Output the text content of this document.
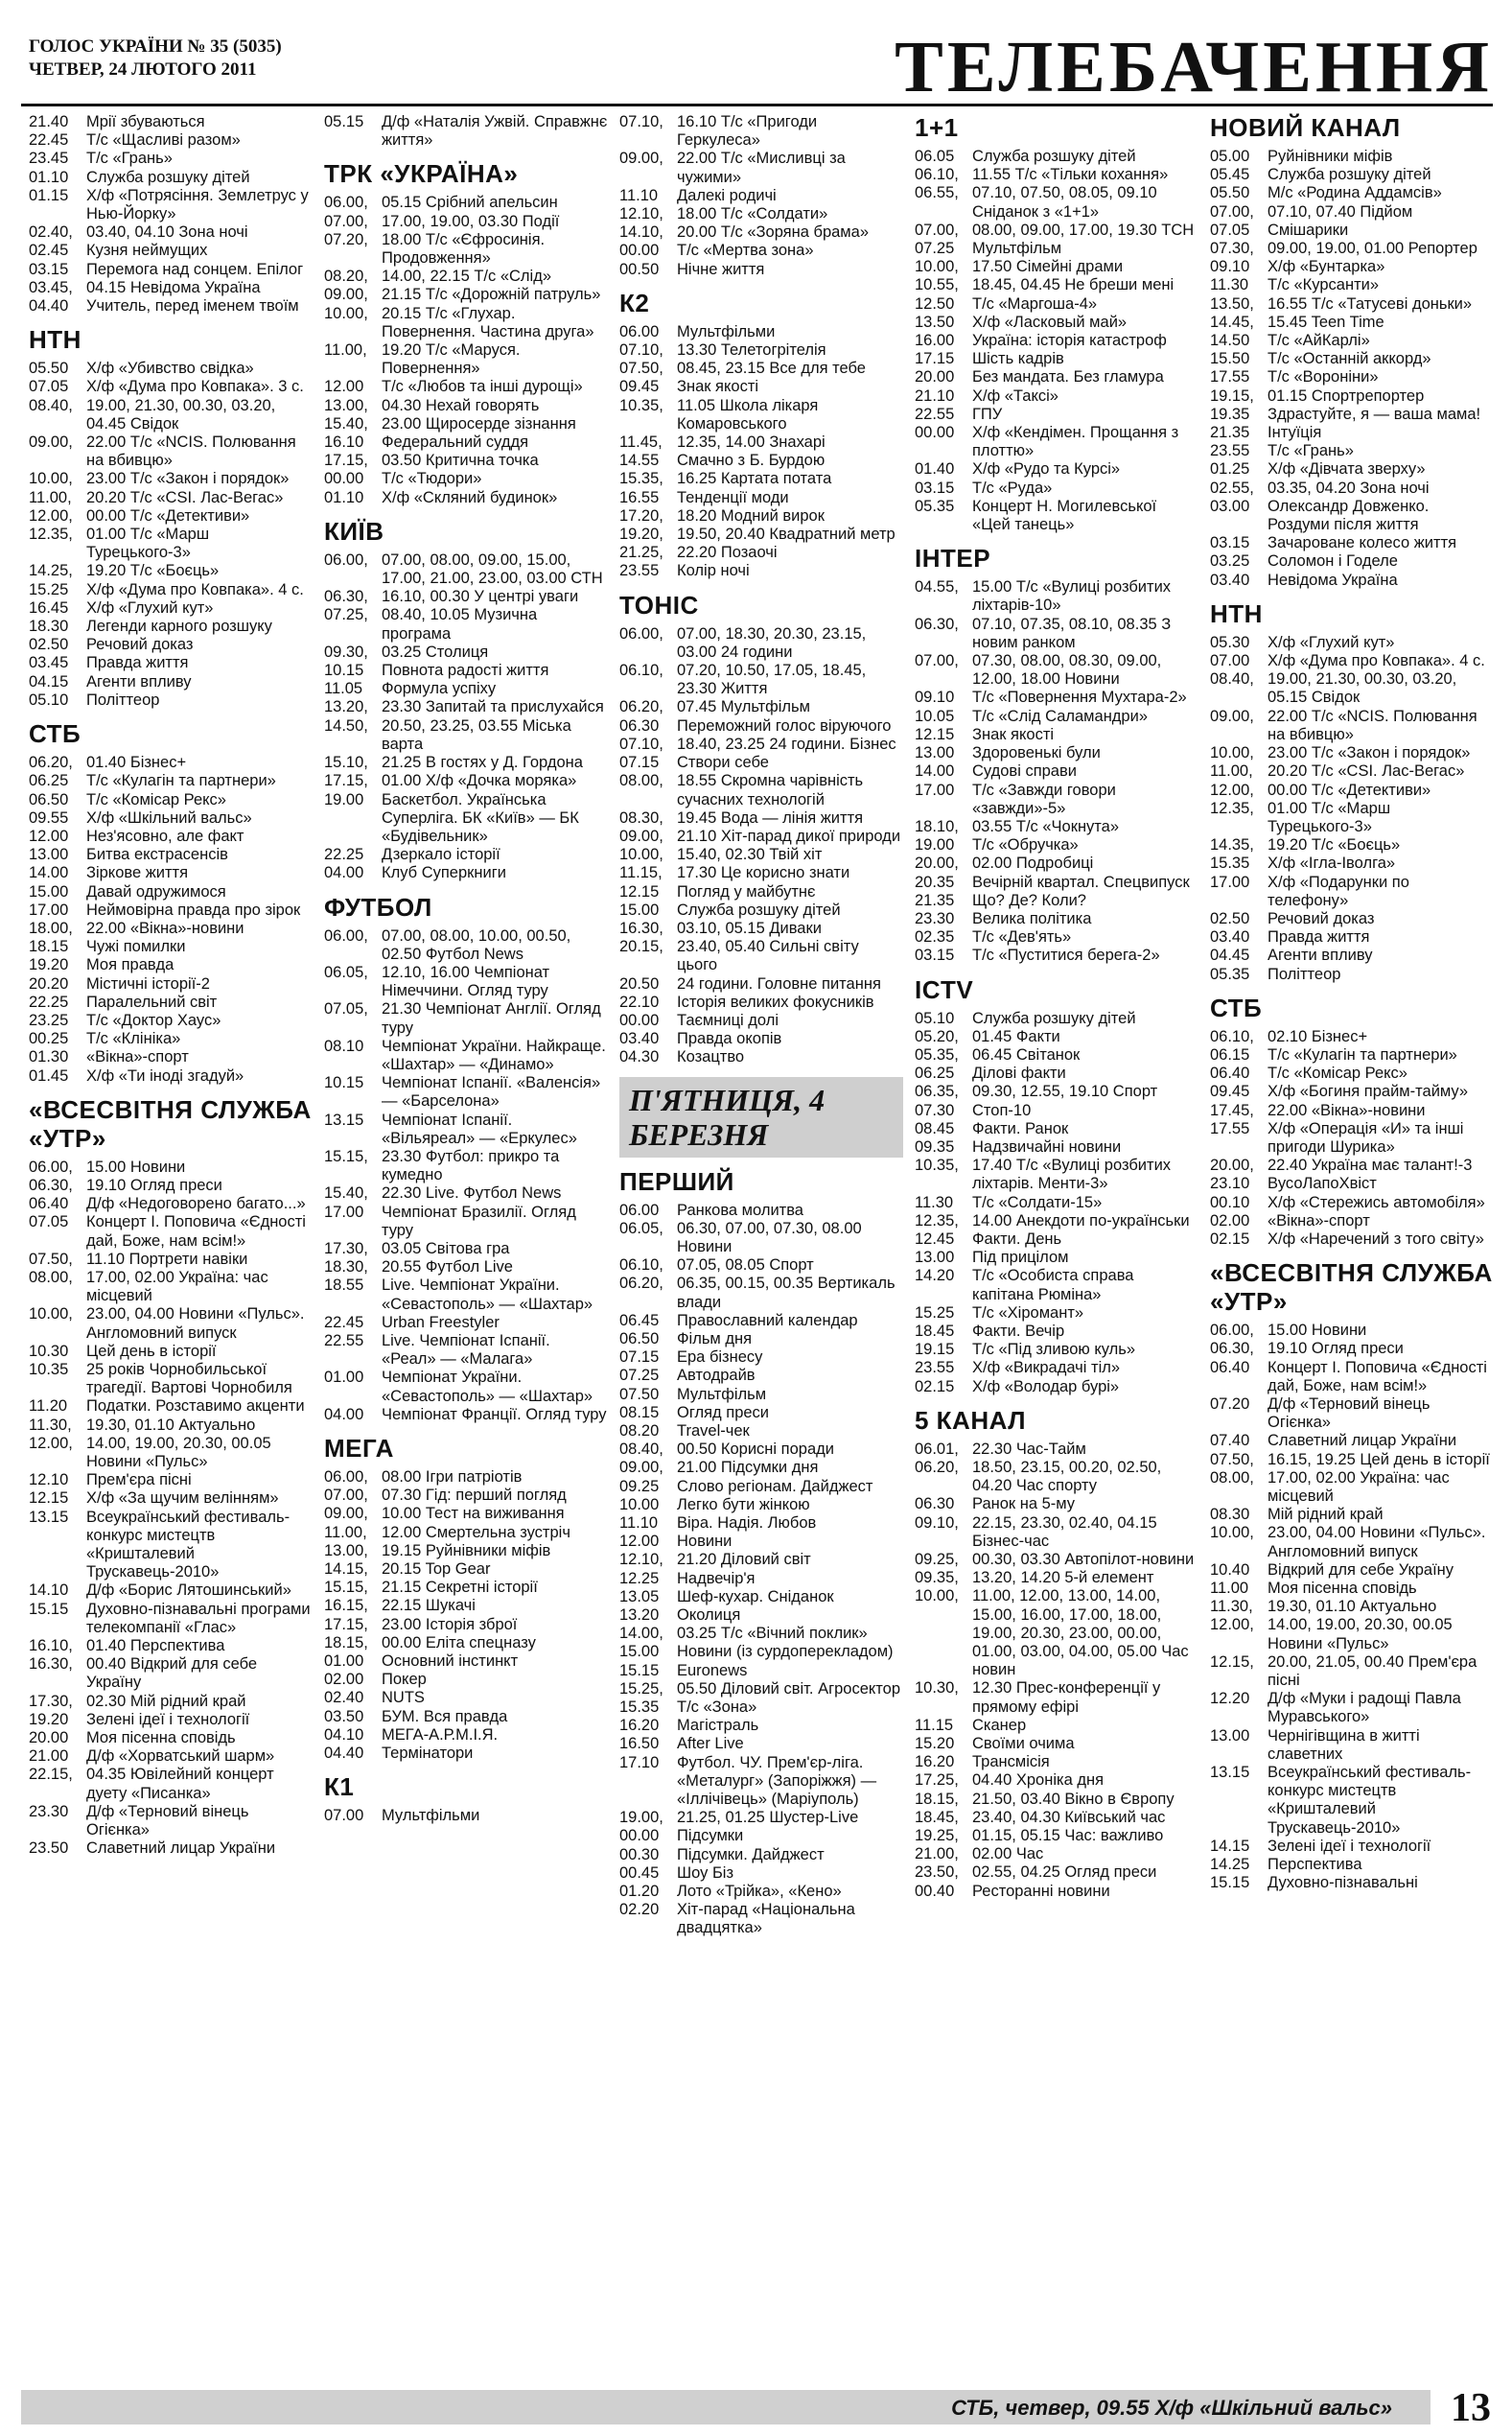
ГОЛОС УКРАЇНИ № 35 (5035)
ЧЕТВЕР, 24 ЛЮТОГО 2011	ТЕЛЕБАЧЕННЯ
21.40 Мрії збуваються
22.45 Т/с «Щасливі разом»
23.45 Т/с «Грань»
01.10 Служба розшуку дітей
01.15 Х/ф «Потрясіння. Землетрус у Нью-Йорку»
02.40, 03.40, 04.10 Зона ночі
02.45 Кузня неймущих
03.15 Перемога над сонцем. Епілог
03.45, 04.15 Невідома Україна
04.40 Учитель, перед іменем твоїм
НТН
05.50 Х/ф «Убивство свідка»
07.05 Х/ф «Дума про Ковпака». 3 с.
08.40, 19.00, 21.30, 00.30, 03.20, 04.45 Свідок
09.00, 22.00 Т/с «NCIS. Полювання на вбивцю»
10.00, 23.00 Т/с «Закон і порядок»
11.00, 20.20 Т/с «CSI. Лас-Вегас»
12.00, 00.00 Т/с «Детективи»
12.35, 01.00 Т/с «Марш Турецького-3»
14.25, 19.20 Т/с «Боєць»
15.25 Х/ф «Дума про Ковпака». 4 с.
16.45 Х/ф «Глухий кут»
18.30 Легенди карного розшуку
02.50 Речовий доказ
03.45 Правда життя
04.15 Агенти впливу
05.10 Політтеор
СТБ
06.20, 01.40 Бізнес+
06.25 Т/с «Кулагін та партнери»
06.50 Т/с «Комісар Рекс»
09.55 Х/ф «Шкільний вальс»
12.00 Нез'ясовно, але факт
13.00 Битва екстрасенсів
14.00 Зіркове життя
15.00 Давай одружимося
17.00 Неймовірна правда про зірок
18.00, 22.00 «Вікна»-новини
18.15 Чужі помилки
19.20 Моя правда
20.20 Містичні історії-2
22.25 Паралельний світ
23.25 Т/с «Доктор Хаус»
00.25 Т/с «Клініка»
01.30 «Вікна»-спорт
01.45 Х/ф «Ти іноді згадуй»
«ВСЕСВІТНЯ СЛУЖБА «УТР»
06.00, 15.00 Новини
06.30, 19.10 Огляд преси
06.40 Д/ф «Недоговорено багато...»
07.05 Концерт І. Поповича «Єдності дай, Боже, нам всім!»
07.50, 11.10 Портрети навіки
08.00, 17.00, 02.00 Україна: час місцевий
10.00, 23.00, 04.00 Новини «Пульс». Англомовний випуск
10.30 Цей день в історії
10.35 25 років Чорнобильської трагедії. Вартові Чорнобиля
11.20 Податки. Розставимо акценти
11.30, 19.30, 01.10 Актуально
12.00, 14.00, 19.00, 20.30, 00.05 Новини «Пульс»
12.10 Прем'єра пісні
12.15 Х/ф «За щучим велінням»
13.15 Всеукраїнський фестиваль-конкурс мистецтв «Кришталевий Трускавець-2010»
14.10 Д/ф «Борис Лятошинський»
15.15 Духовно-пізнавальні програми телекомпанії «Глас»
16.10, 01.40 Перспектива
16.30, 00.40 Відкрий для себе Україну
17.30, 02.30 Мій рідний край
19.20 Зелені ідеї і технології
20.00 Моя пісенна сповідь
21.00 Д/ф «Хорватський шарм»
22.15, 04.35 Ювілейний концерт дуету «Писанка»
23.30 Д/ф «Терновий вінець Огієнка»
23.50 Славетний лицар України
05.15 Д/ф «Наталія Ужвій. Справжнє життя»
ТРК «УКРАЇНА»
06.00, 05.15 Срібний апельсин
07.00, 17.00, 19.00, 03.30 Події
07.20, 18.00 Т/с «Єфросинія. Продовження»
08.20, 14.00, 22.15 Т/с «Слід»
09.00, 21.15 Т/с «Дорожній патруль»
10.00, 20.15 Т/с «Глухар. Повернення. Частина друга»
11.00, 19.20 Т/с «Маруся. Повернення»
12.00 Т/с «Любов та інші дурощі»
13.00, 04.30 Нехай говорять
15.40, 23.00 Щиросерде зізнання
16.10 Федеральний суддя
17.15, 03.50 Критична точка
00.00 Т/с «Тюдори»
01.10 Х/ф «Скляний будинок»
КИЇВ
06.00, 07.00, 08.00, 09.00, 15.00, 17.00, 21.00, 23.00, 03.00 СТН
06.30, 16.10, 00.30 У центрі уваги
07.25, 08.40, 10.05 Музична програма
09.30, 03.25 Столиця
10.15 Повнота радості життя
11.05 Формула успіху
13.20, 23.30 Запитай та прислухайся
14.50, 20.50, 23.25, 03.55 Міська варта
15.10, 21.25 В гостях у Д. Гордона
17.15, 01.00 Х/ф «Дочка моряка»
19.00 Баскетбол. Українська Суперліга. БК «Київ» — БК «Будівельник»
22.25 Дзеркало історії
04.00 Клуб Суперкниги
ФУТБОЛ
06.00, 07.00, 08.00, 10.00, 00.50, 02.50 Футбол News
06.05, 12.10, 16.00 Чемпіонат Німеччини. Огляд туру
07.05, 21.30 Чемпіонат Англії. Огляд туру
08.10 Чемпіонат України. Найкраще. «Шахтар» — «Динамо»
10.15 Чемпіонат Іспанії. «Валенсія» — «Барселона»
13.15 Чемпіонат Іспанії. «Вільяреал» — «Еркулес»
15.15, 23.30 Футбол: прикро та кумедно
15.40, 22.30 Live. Футбол News
17.00 Чемпіонат Бразилії. Огляд туру
17.30, 03.05 Світова гра
18.30, 20.55 Футбол Live
18.55 Live. Чемпіонат України. «Севастополь» — «Шахтар»
22.45 Urban Freestyler
22.55 Live. Чемпіонат Іспанії. «Реал» — «Малага»
01.00 Чемпіонат України. «Севастополь» — «Шахтар»
04.00 Чемпіонат Франції. Огляд туру
МЕГА
06.00, 08.00 Ігри патріотів
07.00, 07.30 Гід: перший погляд
09.00, 10.00 Тест на виживання
11.00, 12.00 Смертельна зустріч
13.00, 19.15 Руйнівники міфів
14.15, 20.15 Top Gear
15.15, 21.15 Секретні історії
16.15, 22.15 Шукачі
17.15, 23.00 Історія зброї
18.15, 00.00 Еліта спецназу
01.00 Основний інстинкт
02.00 Покер
02.40 NUTS
03.50 БУМ. Вся правда
04.10 МЕГА-А.Р.М.І.Я.
04.40 Термінатори
К1
07.00 Мультфільми
07.10, 16.10 Т/с «Пригоди Геркулеса»
09.00, 22.00 Т/с «Мисливці за чужими»
11.10 Далекі родичі
12.10, 18.00 Т/с «Солдати»
14.10, 20.00 Т/с «Зоряна брама»
00.00 Т/с «Мертва зона»
00.50 Нічне життя
К2
06.00 Мультфільми
07.10, 13.30 Телетогрітелія
07.50, 08.45, 23.15 Все для тебе
09.45 Знак якості
10.35, 11.05 Школа лікаря Комаровського
11.45, 12.35, 14.00 Знахарі
14.55 Смачно з Б. Бурдою
15.35, 16.25 Картата потата
16.55 Тенденції моди
17.20, 18.20 Модний вирок
19.20, 19.50, 20.40 Квадратний метр
21.25, 22.20 Позаочі
23.55 Колір ночі
ТОНІС
06.00, 07.00, 18.30, 20.30, 23.15, 03.00 24 години
06.10, 07.20, 10.50, 17.05, 18.45, 23.30 Життя
06.20, 07.45 Мультфільм
06.30 Переможний голос віруючого
07.10, 18.40, 23.25 24 години. Бізнес
07.15 Створи себе
08.00, 18.55 Скромна чарівність сучасних технологій
08.30, 19.45 Вода — лінія життя
09.00, 21.10 Хіт-парад дикої природи
10.00, 15.40, 02.30 Твій хіт
11.15, 17.30 Це корисно знати
12.15 Погляд у майбутнє
15.00 Служба розшуку дітей
16.30, 03.10, 05.15 Диваки
20.15, 23.40, 05.40 Сильні світу цього
20.50 24 години. Головне питання
22.10 Історія великих фокусників
00.00 Таємниці долі
03.40 Правда окопів
04.30 Козацтво
П'ЯТНИЦЯ, 4 БЕРЕЗНЯ
ПЕРШИЙ
06.00 Ранкова молитва
06.05, 06.30, 07.00, 07.30, 08.00 Новини
06.10, 07.05, 08.05 Спорт
06.20, 06.35, 00.15, 00.35 Вертикаль влади
06.45 Православний календар
06.50 Фільм дня
07.15 Ера бізнесу
07.25 Автодрайв
07.50 Мультфільм
08.15 Огляд преси
08.20 Travel-чек
08.40, 00.50 Корисні поради
09.00, 21.00 Підсумки дня
09.25 Слово регіонам. Дайджест
10.00 Легко бути жінкою
11.10 Віра. Надія. Любов
12.00 Новини
12.10, 21.20 Діловий світ
12.25 Надвечір'я
13.05 Шеф-кухар. Сніданок
13.20 Околиця
14.00, 03.25 Т/с «Вічний поклик»
15.00 Новини (із сурдоперекладом)
15.15 Euronews
15.25, 05.50 Діловий світ. Агросектор
15.35 Т/с «Зона»
16.20 Магістраль
16.50 After Live
17.10 Футбол. ЧУ. Прем'єр-ліга. «Металург» (Запоріжжя) — «Іллічівець» (Маріуполь)
19.00, 21.25, 01.25 Шустер-Live
00.00 Підсумки
00.30 Підсумки. Дайджест
00.45 Шоу Біз
01.20 Лото «Трійка», «Кено»
02.20 Хіт-парад «Національна двадцятка»
1+1
06.05 Служба розшуку дітей
06.10, 11.55 Т/с «Тільки кохання»
06.55, 07.10, 07.50, 08.05, 09.10 Сніданок з «1+1»
07.00, 08.00, 09.00, 17.00, 19.30 ТСН
07.25 Мультфільм
10.00, 17.50 Сімейні драми
10.55, 18.45, 04.45 Не бреши мені
12.50 Т/с «Маргоша-4»
13.50 Х/ф «Ласковый май»
16.00 Україна: історія катастроф
17.15 Шість кадрів
20.00 Без мандата. Без гламура
21.10 Х/ф «Таксі»
22.55 ГПУ
00.00 Х/ф «Кендімен. Прощання з плоттю»
01.40 Х/ф «Рудо та Курсі»
03.15 Т/с «Руда»
05.35 Концерт Н. Могилевської «Цей танець»
ІНТЕР
04.55, 15.00 Т/с «Вулиці розбитих ліхтарів-10»
06.30, 07.10, 07.35, 08.10, 08.35 З новим ранком
07.00, 07.30, 08.00, 08.30, 09.00, 12.00, 18.00 Новини
09.10 Т/с «Повернення Мухтара-2»
10.05 Т/с «Слід Саламандри»
12.15 Знак якості
13.00 Здоровенькі були
14.00 Судові справи
17.00 Т/с «Завжди говори «завжди»-5»
18.10, 03.55 Т/с «Чокнута»
19.00 Т/с «Обручка»
20.00, 02.00 Подробиці
20.35 Вечірній квартал. Спецвипуск
21.35 Що? Де? Коли?
23.30 Велика політика
02.35 Т/с «Дев'ять»
03.15 Т/с «Пуститися берега-2»
ICTV
05.10 Служба розшуку дітей
05.20, 01.45 Факти
05.35, 06.45 Світанок
06.25 Ділові факти
06.35, 09.30, 12.55, 19.10 Спорт
07.30 Стоп-10
08.45 Факти. Ранок
09.35 Надзвичайні новини
10.35, 17.40 Т/с «Вулиці розбитих ліхтарів. Менти-3»
11.30 Т/с «Солдати-15»
12.35, 14.00 Анекдоти по-українськи
12.45 Факти. День
13.00 Під прицілом
14.20 Т/с «Особиста справа капітана Рюміна»
15.25 Т/с «Хіромант»
18.45 Факти. Вечір
19.15 Т/с «Під зливою куль»
23.55 Х/ф «Викрадачі тіл»
02.15 Х/ф «Володар бурі»
5 КАНАЛ
06.01, 22.30 Час-Тайм
06.20, 18.50, 23.15, 00.20, 02.50, 04.20 Час спорту
06.30 Ранок на 5-му
09.10, 22.15, 23.30, 02.40, 04.15 Бізнес-час
09.25, 00.30, 03.30 Автопілот-новини
09.35, 13.20, 14.20 5-й елемент
10.00, 11.00, 12.00, 13.00, 14.00, 15.00, 16.00, 17.00, 18.00, 19.00, 20.30, 23.00, 00.00, 01.00, 03.00, 04.00, 05.00 Час новин
10.30, 12.30 Прес-конференції у прямому ефірі
11.15 Сканер
15.20 Своїми очима
16.20 Трансмісія
17.25, 04.40 Хроніка дня
18.15, 21.50, 03.40 Вікно в Європу
18.45, 23.40, 04.30 Київський час
19.25, 01.15, 05.15 Час: важливо
21.00, 02.00 Час
23.50, 02.55, 04.25 Огляд преси
00.40 Ресторанні новини
НОВИЙ КАНАЛ
05.00 Руйнівники міфів
05.45 Служба розшуку дітей
05.50 М/с «Родина Аддамсів»
07.00, 07.10, 07.40 Підйом
07.05 Смішарики
07.30, 09.00, 19.00, 01.00 Репортер
09.10 Х/ф «Бунтарка»
11.30 Т/с «Курсанти»
13.50, 16.55 Т/с «Татусеві доньки»
14.45, 15.45 Teen Time
14.50 Т/с «АйКарлі»
15.50 Т/с «Останній аккорд»
17.55 Т/с «Вороніни»
19.15, 01.15 Спортрепортер
19.35 Здрастуйте, я — ваша мама!
21.35 Інтуїція
23.55 Т/с «Грань»
01.25 Х/ф «Дівчата зверху»
02.55, 03.35, 04.20 Зона ночі
03.00 Олександр Довженко. Роздуми після життя
03.15 Зачароване колесо життя
03.25 Соломон і Годеле
03.40 Невідома Україна
НТН
05.30 Х/ф «Глухий кут»
07.00 Х/ф «Дума про Ковпака». 4 с.
08.40, 19.00, 21.30, 00.30, 03.20, 05.15 Свідок
09.00, 22.00 Т/с «NCIS. Полювання на вбивцю»
10.00, 23.00 Т/с «Закон і порядок»
11.00, 20.20 Т/с «CSI. Лас-Вегас»
12.00, 00.00 Т/с «Детективи»
12.35, 01.00 Т/с «Марш Турецького-3»
14.35, 19.20 Т/с «Боєць»
15.35 Х/ф «Ігла-Іволга»
17.00 Х/ф «Подарунки по телефону»
02.50 Речовий доказ
03.40 Правда життя
04.45 Агенти впливу
05.35 Політтеор
СТБ
06.10, 02.10 Бізнес+
06.15 Т/с «Кулагін та партнери»
06.40 Т/с «Комісар Рекс»
09.45 Х/ф «Богиня прайм-тайму»
17.45, 22.00 «Вікна»-новини
17.55 Х/ф «Операція «И» та інші пригоди Шурика»
20.00, 22.40 Україна має талант!-3
23.10 ВусоЛапоХвіст
00.10 Х/ф «Стережись автомобіля»
02.00 «Вікна»-спорт
02.15 Х/ф «Наречений з того світу»
«ВСЕСВІТНЯ СЛУЖБА «УТР»
06.00, 15.00 Новини
06.30, 19.10 Огляд преси
06.40 Концерт І. Поповича «Єдності дай, Боже, нам всім!»
07.20 Д/ф «Терновий вінець Огієнка»
07.40 Славетний лицар України
07.50, 16.15, 19.25 Цей день в історії
08.00, 17.00, 02.00 Україна: час місцевий
08.30 Мій рідний край
10.00, 23.00, 04.00 Новини «Пульс». Англомовний випуск
10.40 Відкрий для себе Україну
11.00 Моя пісенна сповідь
11.30, 19.30, 01.10 Актуально
12.00, 14.00, 19.00, 20.30, 00.05 Новини «Пульс»
12.15, 20.00, 21.05, 00.40 Прем'єра пісні
12.20 Д/ф «Муки і радощі Павла Муравського»
13.00 Чернігівщина в житті славетних
13.15 Всеукраїнський фестиваль-конкурс мистецтв «Кришталевий Трускавець-2010»
14.15 Зелені ідеї і технології
14.25 Перспектива
15.15 Духовно-пізнавальні
СТБ, четвер, 09.55 Х/ф «Шкільний вальс» 13
